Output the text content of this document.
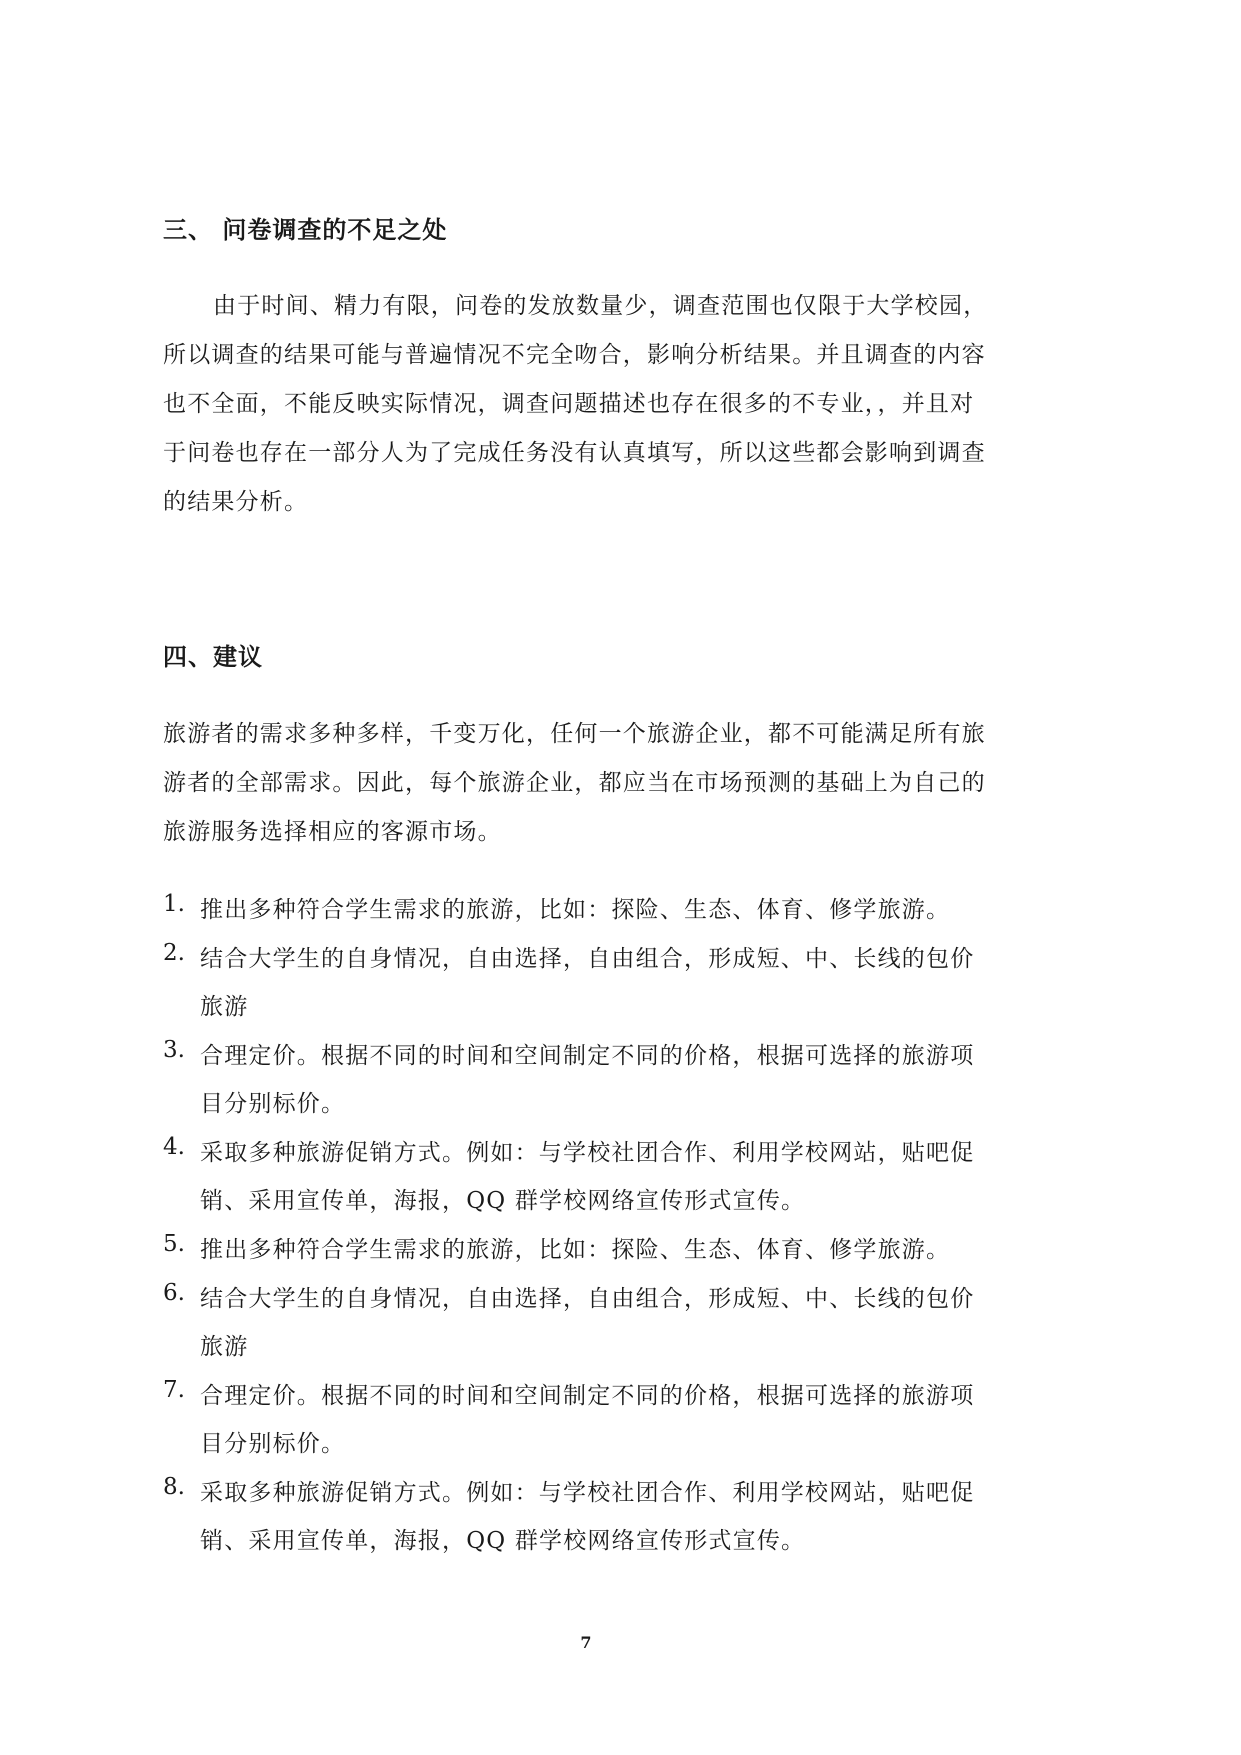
三、 问卷调查的不足之处
由于时间、精力有限，问卷的发放数量少，调查范围也仅限于大学校园，
所以调查的结果可能与普遍情况不完全吻合，影响分析结果。并且调查的内容
也不全面，不能反映实际情况，调查问题描述也存在很多的不专业，，并且对
于问卷也存在一部分人为了完成任务没有认真填写，所以这些都会影响到调查
的结果分析。
四、建议
旅游者的需求多种多样，千变万化，任何一个旅游企业，都不可能满足所有旅
游者的全部需求。因此，每个旅游企业，都应当在市场预测的基础上为自己的
旅游服务选择相应的客源市场。
1. 推出多种符合学生需求的旅游，比如：探险、生态、体育、修学旅游。
2. 结合大学生的自身情况，自由选择，自由组合，形成短、中、长线的包价
旅游
3. 合理定价。根据不同的时间和空间制定不同的价格，根据可选择的旅游项
目分别标价。
4. 采取多种旅游促销方式。例如：与学校社团合作、利用学校网站，贴吧促
销、采用宣传单，海报，QQ 群学校网络宣传形式宣传。
5. 推出多种符合学生需求的旅游，比如：探险、生态、体育、修学旅游。
6. 结合大学生的自身情况，自由选择，自由组合，形成短、中、长线的包价
旅游
7. 合理定价。根据不同的时间和空间制定不同的价格，根据可选择的旅游项
目分别标价。
8. 采取多种旅游促销方式。例如：与学校社团合作、利用学校网站，贴吧促
销、采用宣传单，海报，QQ 群学校网络宣传形式宣传。
7
